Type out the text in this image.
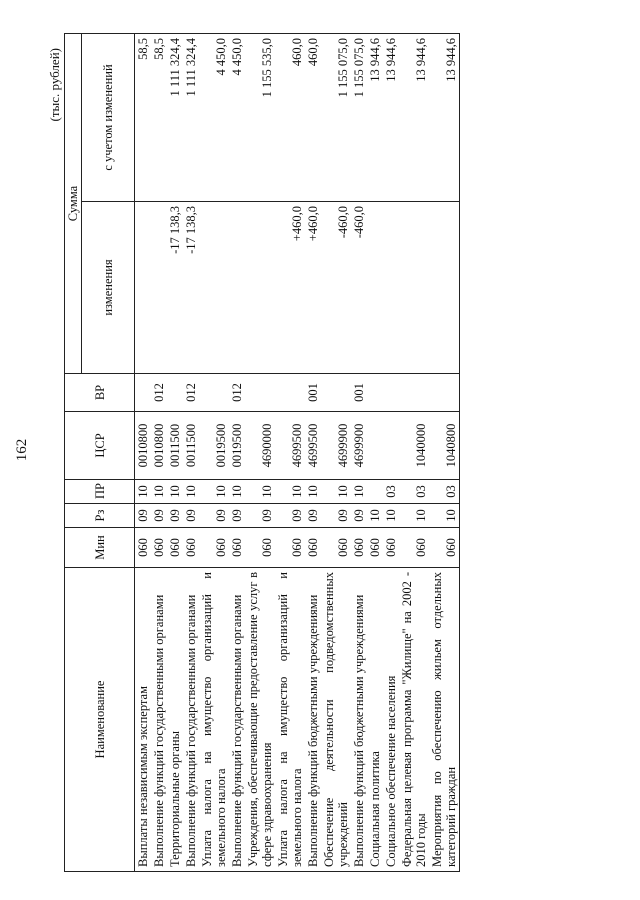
162
(тыс. рублей)
Наименование	Мин	Рз	ПР	ЦСР	ВР	Сумма	
						изменения	с учетом изменений
Выплаты независимым экспертам	060	09	10	0010800			58,5
Выполнение функций государственными органами	060	09	10	0010800	012		58,5
Территориальные органы	060	09	10	0011500		-17 138,3	1 111 324,4
Выполнение функций государственными органами	060	09	10	0011500	012	-17 138,3	1 111 324,4
Уплата налога на имущество организаций и земельного налога	060	09	10	0019500			4 450,0
Выполнение функций государственными органами	060	09	10	0019500	012		4 450,0
Учреждения, обеспечивающие предоставление услуг в сфере здравоохранения	060	09	10	4690000			1 155 535,0
Уплата налога на имущество организаций и земельного налога	060	09	10	4699500		+460,0	460,0
Выполнение функций бюджетными учреждениями	060	09	10	4699500	001	+460,0	460,0
Обеспечение деятельности подведомственных учреждений	060	09	10	4699900		-460,0	1 155 075,0
Выполнение функций бюджетными учреждениями	060	09	10	4699900	001	-460,0	1 155 075,0
Социальная политика	060	10					13 944,6
Социальное обеспечение населения	060	10	03				13 944,6
Федеральная целевая программа "Жилище" на 2002 - 2010 годы	060	10	03	1040000			13 944,6
Мероприятия по обеспечению жильем отдельных категорий граждан	060	10	03	1040800			13 944,6
